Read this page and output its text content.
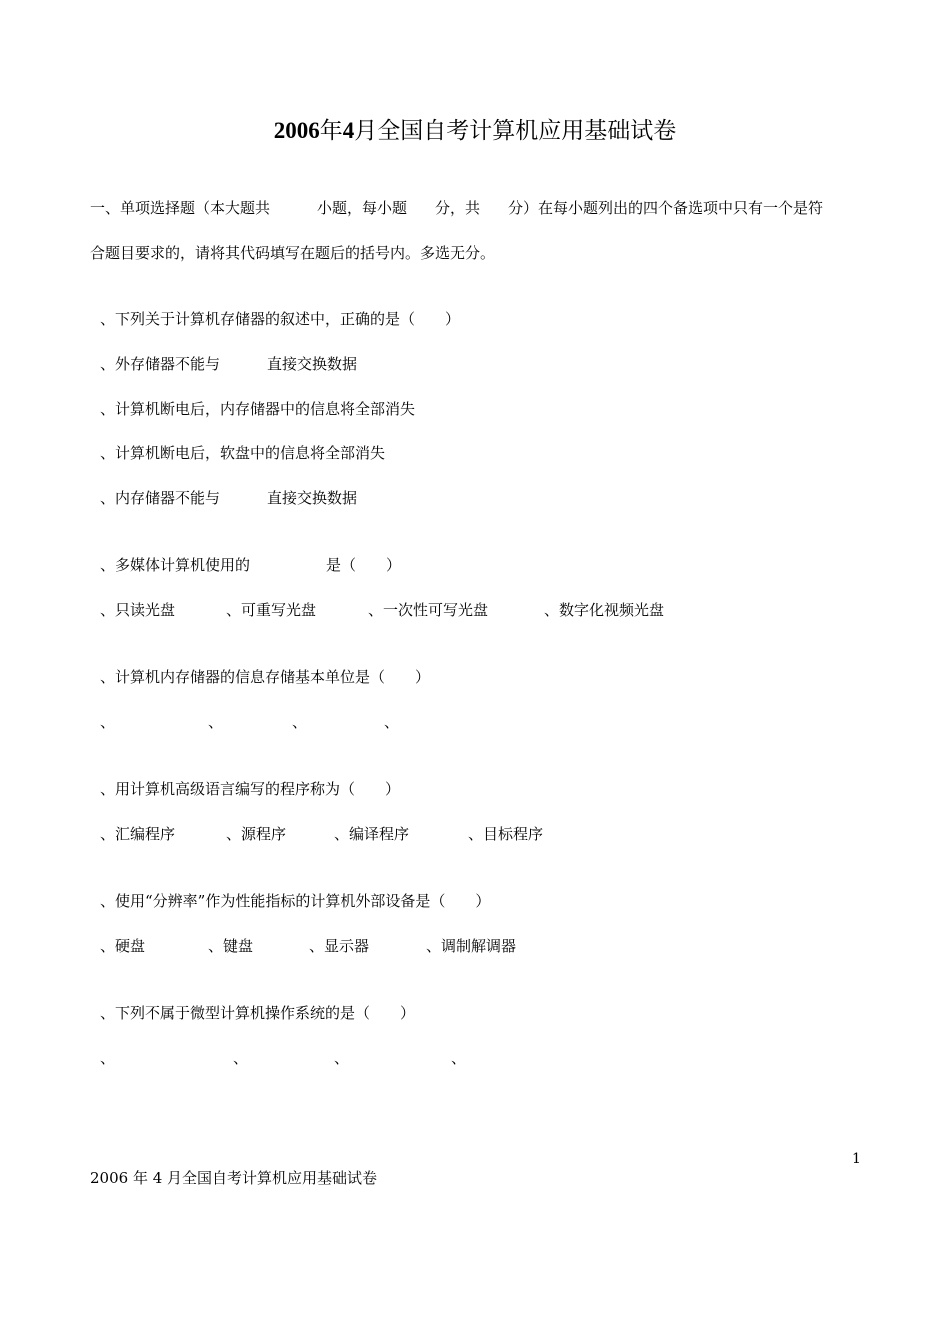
2006年4月全国自考计算机应用基础试卷
一、单项选择题（本大题共	小题，每小题 分，共 分）在每小题列出的四个备选项中只有一个是符
合题目要求的，请将其代码填写在题后的括号内。多选无分。
、下列关于计算机存储器的叙述中，正确的是（　　）
、外存储器不能与	直接交换数据
、计算机断电后，内存储器中的信息将全部消失
、计算机断电后，软盘中的信息将全部消失
、内存储器不能与	直接交换数据
、多媒体计算机使用的	是（　　）
、只读光盘	、可重写光盘	、一次性可写光盘	、数字化视频光盘
、计算机内存储器的信息存储基本单位是（　　）
、	、	、	、
、用计算机高级语言编写的程序称为（　　）
、汇编程序	、源程序	、编译程序	、目标程序
、使用“分辨率”作为性能指标的计算机外部设备是（　　）
、硬盘	、键盘	、显示器	、调制解调器
、下列不属于微型计算机操作系统的是（　　）
、	、	、	、
1
2006 年 4 月全国自考计算机应用基础试卷
